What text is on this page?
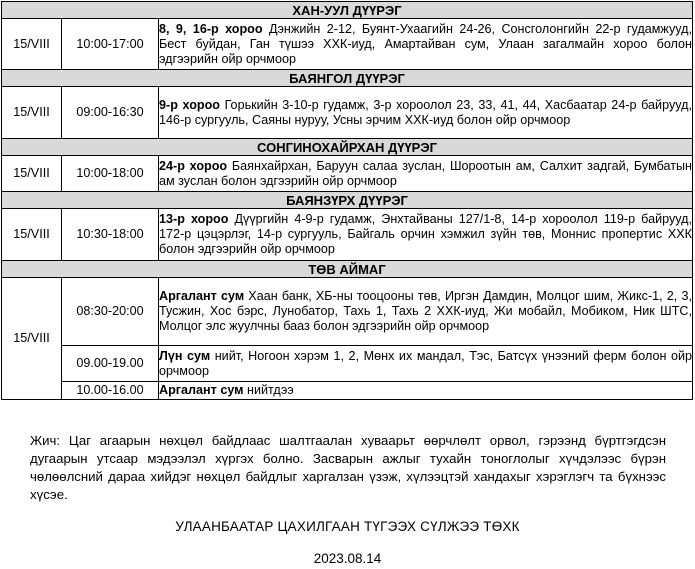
ХАН-УУЛ ДҮҮРЭГ		
15/VIII	10:00-17:00	8, 9, 16-р хороо Дэнжийн 2-12, Буянт-Ухаагийн 24-26, Сонсголонгийн 22-р гудамжууд, Бест буйдан, Ган түшээ ХХК-иуд, Амартайван сум, Улаан загалмайн хороо болон эдгээрийн ойр орчмоор
БАЯНГОЛ ДҮҮРЭГ		
15/VIII	09:00-16:30	9-р хороо Горькийн 3-10-р гудамж, 3-р хороолол 23, 33, 41, 44, Хасбаатар 24-р байрууд, 146-р сургууль, Саяны нуруу, Усны эрчим ХХК-иуд болон ойр орчмоор
СОНГИНОХАЙРХАН ДҮҮРЭГ		
15/VIII	10:00-18:00	24-р хороо Баянхайрхан, Баруун салаа зуслан, Шороотын ам, Салхит задгай, Бумбатын ам зуслан болон эдгээрийн ойр орчмоор
БАЯНЗҮРХ ДҮҮРЭГ		
15/VIII	10:30-18:00	13-р хороо Дүүргийн 4-9-р гудамж, Энхтайваны 127/1-8, 14-р хороолол 119-р байрууд, 172-р цэцэрлэг, 14-р сургууль, Байгаль орчин хэмжил зүйн төв, Моннис пропертис ХХК болон эдгээрийн ойр орчмоор
ТӨВ АЙМАГ		
15/VIII	08:30-20:00	Аргалант сум Хаан банк, ХБ-ны тооцооны төв, Иргэн Дамдин, Молцог шим, Жикс-1, 2, 3, Тусжин, Хос бэрс, Лунобатор, Тахь 1, Тахь 2 ХХК-иуд, Жи мобайл, Мобиком, Ник ШТС, Молцог элс жуулчны бааз болон эдгээрийн ойр орчмоор
	09.00-19.00	Лүн сум нийт, Ногоон хэрэм 1, 2, Мөнх их мандал, Тэс, Батсүх үнээний ферм болон ойр орчмоор
	10.00-16.00	Аргалант сум нийтдээ
Жич: Цаг агаарын нөхцөл байдлаас шалтгаалан хуваарьт өөрчлөлт орвол, гэрээнд бүртгэгдсэн дугаарын утсаар мэдээлэл хүргэх болно. Засварын ажлыг тухайн тоноглолыг хүчдэлээс бүрэн чөлөөлсний дараа хийдэг нөхцөл байдлыг харгалзан үзэж, хүлээцтэй хандахыг хэрэглэгч та бүхнээс хүсэе.
УЛААНБААТАР ЦАХИЛГААН ТҮГЭЭХ СҮЛЖЭЭ ТӨХК
2023.08.14
